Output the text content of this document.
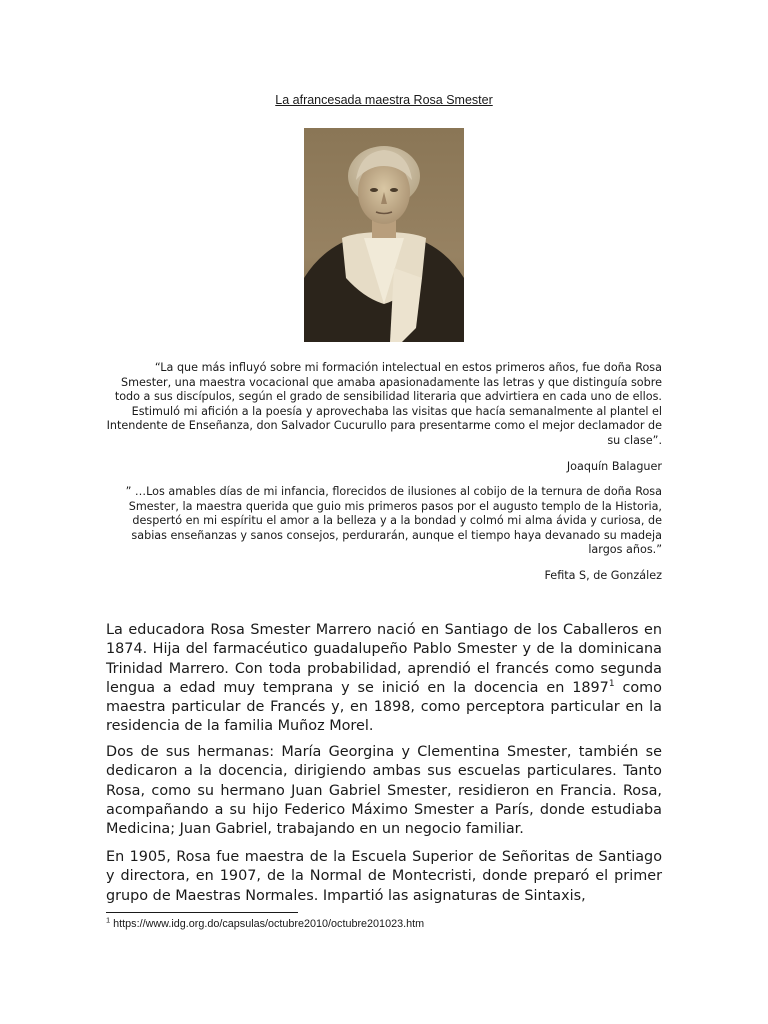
La afrancesada maestra Rosa Smester

“La que más influyó sobre mi formación intelectual en estos primeros años, fue doña Rosa Smester, una maestra vocacional que amaba apasionadamente las letras y que distinguía sobre todo a sus discípulos, según el grado de sensibilidad literaria que advirtiera en cada uno de ellos. Estimuló mi afición a la poesía y aprovechaba las visitas que hacía semanalmente al plantel el Intendente de Enseñanza, don Salvador Cucurullo para presentarme como el mejor declamador de su clase”.

Joaquín Balaguer

” …Los amables días de mi infancia, florecidos de ilusiones al cobijo de la ternura de doña Rosa Smester, la maestra querida que guio mis primeros pasos por el augusto templo de la Historia, despertó en mi espíritu el amor a la belleza y a la bondad y colmó mi alma ávida y curiosa, de sabias enseñanzas y sanos consejos, perdurarán, aunque el tiempo haya devanado su madeja largos años.”

Fefita S, de González

La educadora Rosa Smester Marrero nació en Santiago de los Caballeros en 1874. Hija del farmacéutico guadalupeño Pablo Smester y de la dominicana Trinidad Marrero. Con toda probabilidad, aprendió el francés como segunda lengua a edad muy temprana y se inició en la docencia en 1897$^1$ como maestra particular de Francés y, en 1898, como perceptora particular en la residencia de la familia Muñoz Morel.

Dos de sus hermanas: María Georgina y Clementina Smester, también se dedicaron a la docencia, dirigiendo ambas sus escuelas particulares. Tanto Rosa, como su hermano Juan Gabriel Smester, residieron en Francia. Rosa, acompañando a su hijo Federico Máximo Smester a París, donde estudiaba Medicina; Juan Gabriel, trabajando en un negocio familiar.

En 1905, Rosa fue maestra de la Escuela Superior de Señoritas de Santiago y directora, en 1907, de la Normal de Montecristi, donde preparó el primer grupo de Maestras Normales. Impartió las asignaturas de Sintaxis,

$^1$ https://www.idg.org.do/capsulas/octubre2010/octubre201023.htm
